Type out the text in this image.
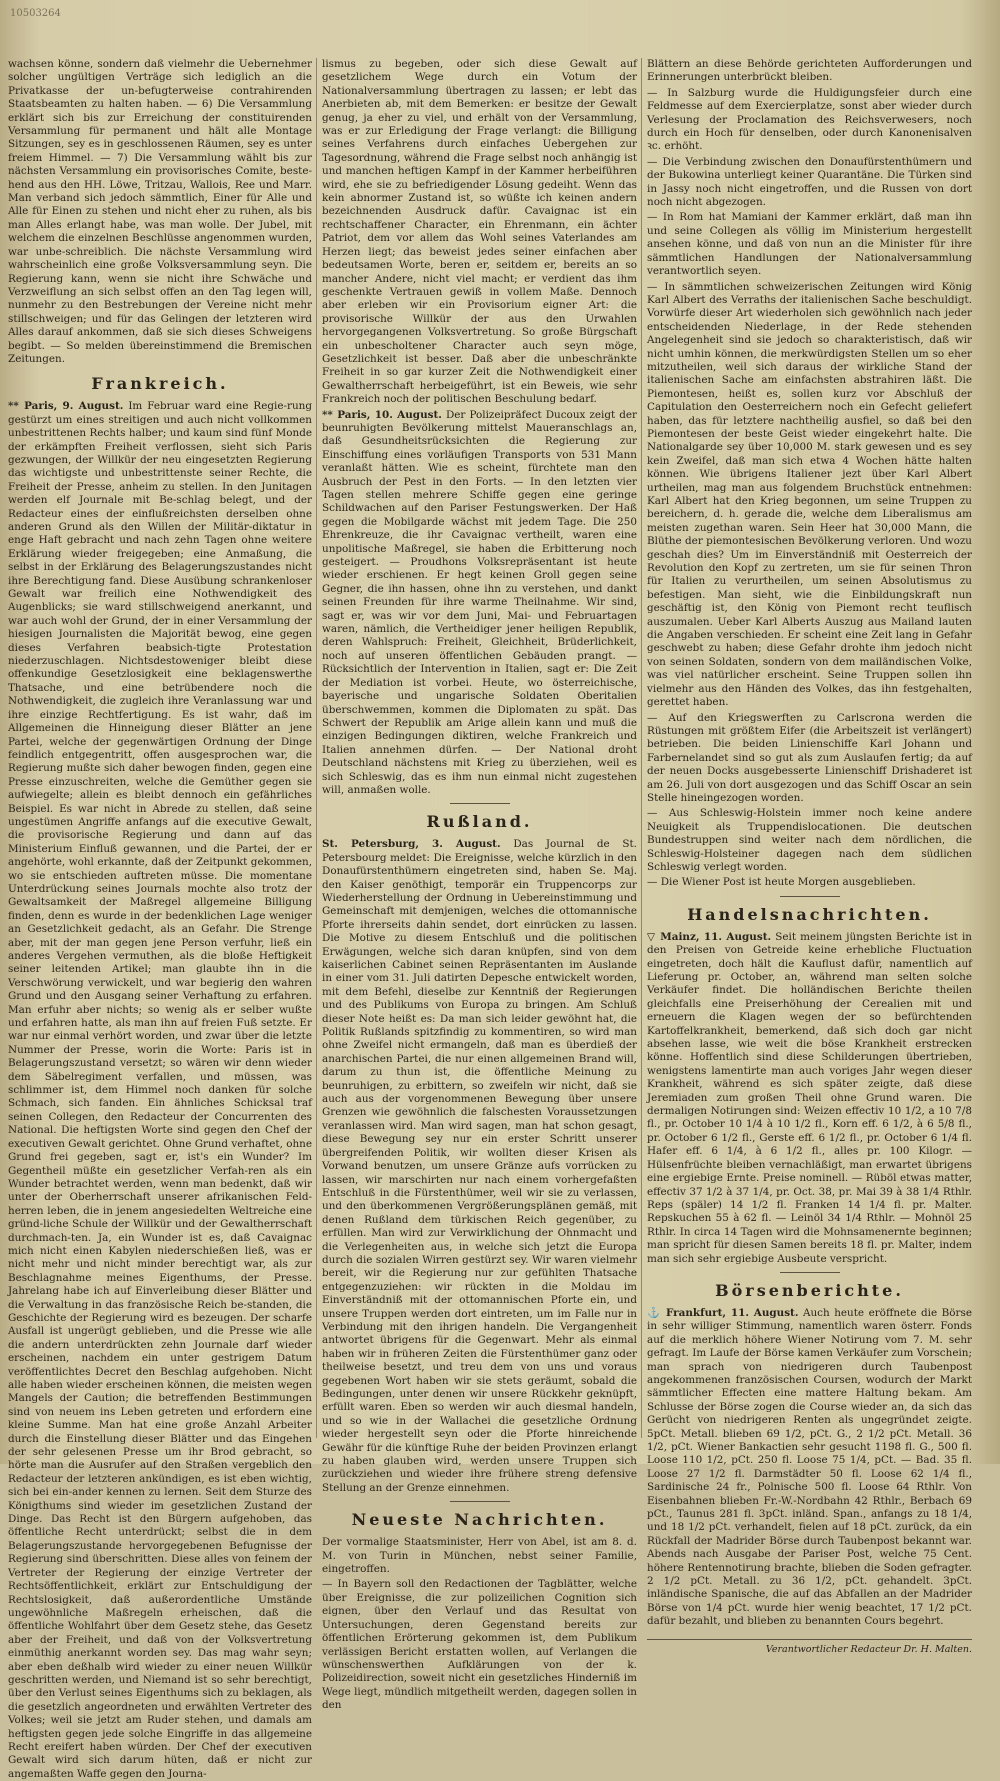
10503264

wachsen könne, sondern daß vielmehr die Uebernehmer solcher ungültigen Verträge sich lediglich an die Privatkasse der un-befugterweise contrahirenden Staatsbeamten zu halten haben. — 6) Die Versammlung erklärt sich bis zur Erreichung der constituirenden Versammlung für permanent und hält alle Montage Sitzungen, sey es in geschlossenen Räumen, sey es unter freiem Himmel. — 7) Die Versammlung wählt bis zur nächsten Versammlung ein provisorisches Comite, beste-hend aus den HH. Löwe, Tritzau, Wallois, Ree und Marr. Man verband sich jedoch sämmtlich, Einer für Alle und Alle für Einen zu stehen und nicht eher zu ruhen, als bis man Alles erlangt habe, was man wolle. Der Jubel, mit welchem die einzelnen Beschlüsse angenommen wurden, war unbe-schreiblich. Die nächste Versammlung wird wahrscheinlich eine große Volksversammlung seyn. Die Regierung kann, wenn sie nicht ihre Schwäche und Verzweiflung an sich selbst offen an den Tag legen will, nunmehr zu den Bestrebungen der Vereine nicht mehr stillschweigen; und für das Gelingen der letzteren wird Alles darauf ankommen, daß sie sich dieses Schweigens begibt. — So melden übereinstimmend die Bremischen Zeitungen.

Frankreich.

** Paris, 9. August. Im Februar ward eine Regie-rung gestürzt um eines streitigen und auch nicht vollkommen unbestrittenen Rechts halber; und kaum sind fünf Monde der erkämpften Freiheit verflossen, sieht sich Paris gezwungen, der Willkür der neu eingesetzten Regierung das wichtigste und unbestrittenste seiner Rechte, die Freiheit der Presse, anheim zu stellen. In den Junitagen werden elf Journale mit Be-schlag belegt, und der Redacteur eines der einflußreichsten derselben ohne anderen Grund als den Willen der Militär-diktatur in enge Haft gebracht und nach zehn Tagen ohne weitere Erklärung wieder freigegeben; eine Anmaßung, die selbst in der Erklärung des Belagerungszustandes nicht ihre Berechtigung fand. Diese Ausübung schrankenloser Gewalt war freilich eine Nothwendigkeit des Augenblicks; sie ward stillschweigend anerkannt, und war auch wohl der Grund, der in einer Versammlung der hiesigen Journalisten die Majorität bewog, eine gegen dieses Verfahren beabsich-tigte Protestation niederzuschlagen. Nichtsdestoweniger bleibt diese offenkundige Gesetzlosigkeit eine beklagenswerthe Thatsache, und eine betrübendere noch die Nothwendigkeit, die zugleich ihre Veranlassung war und ihre einzige Rechtfertigung. Es ist wahr, daß im Allgemeinen die Hinneigung dieser Blätter an jene Partei, welche der gegenwärtigen Ordnung der Dinge feindlich entgegentritt, offen ausgesprochen war, die Regierung mußte sich daher bewogen finden, gegen eine Presse einzuschreiten, welche die Gemüther gegen sie aufwiegelte; allein es bleibt dennoch ein gefährliches Beispiel. Es war nicht in Abrede zu stellen, daß seine ungestümen Angriffe anfangs auf die executive Gewalt, die provisorische Regierung und dann auf das Ministerium Einfluß gewannen, und die Partei, der er angehörte, wohl erkannte, daß der Zeitpunkt gekommen, wo sie entschieden auftreten müsse. Die momentane Unterdrückung seines Journals mochte also trotz der Gewaltsamkeit der Maßregel allgemeine Billigung finden, denn es wurde in der bedenklichen Lage weniger an Gesetzlichkeit gedacht, als an Gefahr. Die Strenge aber, mit der man gegen jene Person verfuhr, ließ ein anderes Vergehen vermuthen, als die bloße Heftigkeit seiner leitenden Artikel; man glaubte ihn in die Verschwörung verwickelt, und war begierig den wahren Grund und den Ausgang seiner Verhaftung zu erfahren. Man erfuhr aber nichts; so wenig als er selber wußte und erfahren hatte, als man ihn auf freien Fuß setzte. Er war nur einmal verhört worden, und zwar über die letzte Nummer der Presse, worin die Worte: Paris ist in Belagerungszustand versetzt; so wären wir denn wieder dem Säbelregiment verfallen, und müssen, was schlimmer ist, dem Himmel noch danken für solche Schmach, sich fanden. Ein ähnliches Schicksal traf seinen Collegen, den Redacteur der Concurrenten des National. Die heftigsten Worte sind gegen den Chef der executiven Gewalt gerichtet. Ohne Grund verhaftet, ohne Grund frei gegeben, sagt er, ist's ein Wunder? Im Gegentheil müßte ein gesetzlicher Verfah-ren als ein Wunder betrachtet werden, wenn man bedenkt, daß wir unter der Oberherrschaft unserer afrikanischen Feld-herren leben, die in jenem angesiedelten Weltreiche eine gründ-liche Schule der Willkür und der Gewaltherrschaft durchmach-ten. Ja, ein Wunder ist es, daß Cavaignac mich nicht einen Kabylen niederschießen ließ, was er nicht mehr und nicht minder berechtigt war, als zur Beschlagnahme meines Eigenthums, der Presse. Jahrelang habe ich auf Einverleibung dieser Blätter und die Verwaltung in das französische Reich be-standen, die Geschichte der Regierung wird es bezeugen. Der scharfe Ausfall ist ungerügt geblieben, und die Presse wie alle die andern unterdrückten zehn Journale darf wieder erscheinen, nachdem ein unter gestrigem Datum veröffentlichtes Decret den Beschlag aufgehoben. Nicht alle haben wieder erscheinen können, die meisten wegen Mangels der Caution; die betreffenden Bestimmungen sind von neuem ins Leben getreten und erfordern eine kleine Summe. Man hat eine große Anzahl Arbeiter durch die Einstellung dieser Blätter und das Eingehen der sehr gelesenen Presse um ihr Brod gebracht, so hörte man die Ausrufer auf den Straßen vergeblich den Redacteur der letzteren ankündigen, es ist eben wichtig, sich bei ein-ander kennen zu lernen. Seit dem Sturze des Königthums sind wieder im gesetzlichen Zustand der Dinge. Das Recht ist den Bürgern aufgehoben, das öffentliche Recht unterdrückt; selbst die in dem Belagerungszustande hervorgegebenen Befugnisse der Regierung sind überschritten. Diese alles von feinem der Vertreter der Regierung der einzige Vertreter der Rechtsöffentlichkeit, erklärt zur Entschuldigung der Rechtslosigkeit, daß außerordentliche Umstände ungewöhnliche Maßregeln erheischen, daß die öffentliche Wohlfahrt über dem Gesetz stehe, das Gesetz aber der Freiheit, und daß von der Volksvertretung einmüthig anerkannt worden sey. Das mag wahr seyn; aber eben deßhalb wird wieder zu einer neuen Willkür geschritten werden, und Niemand ist so sehr berechtigt, über den Verlust seines Eigenthums sich zu beklagen, als die gesetzlich angeordneten und erwählten Vertreter des Volkes; weil sie jetzt am Ruder stehen, und damals am heftigsten gegen jede solche Eingriffe in das allgemeine Recht ereifert haben würden. Der Chef der executiven Gewalt wird sich darum hüten, daß er nicht zur angemaßten Waffe gegen den Journa-

lismus zu begeben, oder sich diese Gewalt auf gesetzlichem Wege durch ein Votum der Nationalversammlung übertragen zu lassen; er lebt das Anerbieten ab, mit dem Bemerken: er besitze der Gewalt genug, ja eher zu viel, und erhält von der Versammlung, was er zur Erledigung der Frage verlangt: die Billigung seines Verfahrens durch einfaches Uebergehen zur Tagesordnung, während die Frage selbst noch anhängig ist und manchen heftigen Kampf in der Kammer herbeiführen wird, ehe sie zu befriedigender Lösung gedeiht. Wenn das kein abnormer Zustand ist, so wüßte ich keinen andern bezeichnenden Ausdruck dafür. Cavaignac ist ein rechtschaffener Character, ein Ehrenmann, ein ächter Patriot, dem vor allem das Wohl seines Vaterlandes am Herzen liegt; das beweist jedes seiner einfachen aber bedeutsamen Worte, beren er, seitdem er, bereits an so mancher Andere, nicht viel macht; er verdient das ihm geschenkte Vertrauen gewiß in vollem Maße. Dennoch aber erleben wir ein Provisorium eigner Art: die provisorische Willkür der aus den Urwahlen hervorgegangenen Volksvertretung. So große Bürgschaft ein unbescholtener Character auch seyn möge, Gesetzlichkeit ist besser. Daß aber die unbeschränkte Freiheit in so gar kurzer Zeit die Nothwendigkeit einer Gewaltherrschaft herbeigeführt, ist ein Beweis, wie sehr Frankreich noch der politischen Beschulung bedarf.

** Paris, 10. August. Der Polizeipräfect Ducoux zeigt der beunruhigten Bevölkerung mittelst Maueranschlags an, daß Gesundheitsrücksichten die Regierung zur Einschiffung eines vorläufigen Transports von 531 Mann veranlaßt hätten. Wie es scheint, fürchtete man den Ausbruch der Pest in den Forts. — In den letzten vier Tagen stellen mehrere Schiffe gegen eine geringe Schildwachen auf den Pariser Festungswerken. Der Haß gegen die Mobilgarde wächst mit jedem Tage. Die 250 Ehrenkreuze, die ihr Cavaignac vertheilt, waren eine unpolitische Maßregel, sie haben die Erbitterung noch gesteigert. — Proudhons Volksrepräsentant ist heute wieder erschienen. Er hegt keinen Groll gegen seine Gegner, die ihn hassen, ohne ihn zu verstehen, und dankt seinen Freunden für ihre warme Theilnahme. Wir sind, sagt er, was wir vor dem Juni, Mai- und Februartagen waren, nämlich, die Vertheidiger jener heiligen Republik, deren Wahlspruch: Freiheit, Gleichheit, Brüderlichkeit, noch auf unseren öffentlichen Gebäuden prangt. — Rücksichtlich der Intervention in Italien, sagt er: Die Zeit der Mediation ist vorbei. Heute, wo österreichische, bayerische und ungarische Soldaten Oberitalien überschwemmen, kommen die Diplomaten zu spät. Das Schwert der Republik am Arige allein kann und muß die einzigen Bedingungen diktiren, welche Frankreich und Italien annehmen dürfen. — Der National droht Deutschland nächstens mit Krieg zu überziehen, weil es sich Schleswig, das es ihm nun einmal nicht zugestehen will, anmaßen wolle.

Rußland.

St. Petersburg, 3. August. Das Journal de St. Petersbourg meldet: Die Ereignisse, welche kürzlich in den Donaufürstenthümern eingetreten sind, haben Se. Maj. den Kaiser genöthigt, temporär ein Truppencorps zur Wiederherstellung der Ordnung in Uebereinstimmung und Gemeinschaft mit demjenigen, welches die ottomannische Pforte ihrerseits dahin sendet, dort einrücken zu lassen. Die Motive zu diesem Entschluß und die politischen Erwägungen, welche sich daran knüpfen, sind von dem kaiserlichen Cabinet seinen Repräsentanten im Auslande in einer vom 31. Juli datirten Depesche entwickelt worden, mit dem Befehl, dieselbe zur Kenntniß der Regierungen und des Publikums von Europa zu bringen. Am Schluß dieser Note heißt es: Da man sich leider gewöhnt hat, die Politik Rußlands spitzfindig zu kommentiren, so wird man ohne Zweifel nicht ermangeln, daß man es überdieß der anarchischen Partei, die nur einen allgemeinen Brand will, darum zu thun ist, die öffentliche Meinung zu beunruhigen, zu erbittern, so zweifeln wir nicht, daß sie auch aus der vorgenommenen Bewegung über unsere Grenzen wie gewöhnlich die falschesten Voraussetzungen veranlassen wird. Man wird sagen, man hat schon gesagt, diese Bewegung sey nur ein erster Schritt unserer übergreifenden Politik, wir wollten dieser Krisen als Vorwand benutzen, um unsere Gränze aufs vorrücken zu lassen, wir marschirten nur nach einem vorhergefaßten Entschluß in die Fürstenthümer, weil wir sie zu verlassen, und den überkommenen Vergrößerungsplänen gemäß, mit denen Rußland dem türkischen Reich gegenüber, zu erfüllen. Man wird zur Verwirklichung der Ohnmacht und die Verlegenheiten aus, in welche sich jetzt die Europa durch die sozialen Wirren gestürzt sey. Wir waren vielmehr bereit, wir die Regierung nur zur gefühlten Thatsache entgegenzuziehen: wir rückten in die Moldau im Einverständniß mit der ottomannischen Pforte ein, und unsere Truppen werden dort eintreten, um im Falle nur in Verbindung mit den ihrigen handeln. Die Vergangenheit antwortet übrigens für die Gegenwart. Mehr als einmal haben wir in früheren Zeiten die Fürstenthümer ganz oder theilweise besetzt, und treu dem von uns und voraus gegebenen Wort haben wir sie stets geräumt, sobald die Bedingungen, unter denen wir unsere Rückkehr geknüpft, erfüllt waren. Eben so werden wir auch diesmal handeln, und so wie in der Wallachei die gesetzliche Ordnung wieder hergestellt seyn oder die Pforte hinreichende Gewähr für die künftige Ruhe der beiden Provinzen erlangt zu haben glauben wird, werden unsere Truppen sich zurückziehen und wieder ihre frühere streng defensive Stellung an der Grenze einnehmen.

Neueste Nachrichten.

Der vormalige Staatsminister, Herr von Abel, ist am 8. d. M. von Turin in München, nebst seiner Familie, eingetroffen.

— In Bayern soll den Redactionen der Tagblätter, welche über Ereignisse, die zur polizeilichen Cognition sich eignen, über den Verlauf und das Resultat von Untersuchungen, deren Gegenstand bereits zur öffentlichen Erörterung gekommen ist, dem Publikum verlässigen Bericht erstatten wollen, auf Verlangen die wünschenswerthen Aufklärungen von der k. Polizeidirection, soweit nicht ein gesetzliches Hinderniß im Wege liegt, mündlich mitgetheilt werden, dagegen sollen in den

Blättern an diese Behörde gerichteten Aufforderungen und Erinnerungen unterbrückt bleiben.

— In Salzburg wurde die Huldigungsfeier durch eine Feldmesse auf dem Exercierplatze, sonst aber wieder durch Verlesung der Proclamation des Reichsverwesers, noch durch ein Hoch für denselben, oder durch Kanonenisalven ꝛc. erhöht.

— Die Verbindung zwischen den Donaufürstenthümern und der Bukowina unterliegt keiner Quarantäne. Die Türken sind in Jassy noch nicht eingetroffen, und die Russen von dort noch nicht abgezogen.

— In Rom hat Mamiani der Kammer erklärt, daß man ihn und seine Collegen als völlig im Ministerium hergestellt ansehen könne, und daß von nun an die Minister für ihre sämmtlichen Handlungen der Nationalversammlung verantwortlich seyen.

— In sämmtlichen schweizerischen Zeitungen wird König Karl Albert des Verraths der italienischen Sache beschuldigt. Vorwürfe dieser Art wiederholen sich gewöhnlich nach jeder entscheidenden Niederlage, in der Rede stehenden Angelegenheit sind sie jedoch so charakteristisch, daß wir nicht umhin können, die merkwürdigsten Stellen um so eher mitzutheilen, weil sich daraus der wirkliche Stand der italienischen Sache am einfachsten abstrahiren läßt. Die Piemontesen, heißt es, sollen kurz vor Abschluß der Capitulation den Oesterreichern noch ein Gefecht geliefert haben, das für letztere nachtheilig ausfiel, so daß bei den Piemontesen der beste Geist wieder eingekehrt halte. Die Nationalgarde sey über 10,000 M. stark gewesen und es sey kein Zweifel, daß man sich etwa 4 Wochen hätte halten können. Wie übrigens Italiener jezt über Karl Albert urtheilen, mag man aus folgendem Bruchstück entnehmen: Karl Albert hat den Krieg begonnen, um seine Truppen zu bereichern, d. h. gerade die, welche dem Liberalismus am meisten zugethan waren. Sein Heer hat 30,000 Mann, die Blüthe der piemontesischen Bevölkerung verloren. Und wozu geschah dies? Um im Einverständniß mit Oesterreich der Revolution den Kopf zu zertreten, um sie für seinen Thron für Italien zu verurtheilen, um seinen Absolutismus zu befestigen. Man sieht, wie die Einbildungskraft nun geschäftig ist, den König von Piemont recht teuflisch auszumalen. Ueber Karl Alberts Auszug aus Mailand lauten die Angaben verschieden. Er scheint eine Zeit lang in Gefahr geschwebt zu haben; diese Gefahr drohte ihm jedoch nicht von seinen Soldaten, sondern von dem mailändischen Volke, was viel natürlicher erscheint. Seine Truppen sollen ihn vielmehr aus den Händen des Volkes, das ihn festgehalten, gerettet haben.

— Auf den Kriegswerften zu Carlscrona werden die Rüstungen mit größtem Eifer (die Arbeitszeit ist verlängert) betrieben. Die beiden Linienschiffe Karl Johann und Farbernelandet sind so gut als zum Auslaufen fertig; da auf der neuen Docks ausgebesserte Linienschiff Drishaderet ist am 26. Juli von dort ausgezogen und das Schiff Oscar an sein Stelle hineingezogen worden.

— Aus Schleswig-Holstein immer noch keine andere Neuigkeit als Truppendislocationen. Die deutschen Bundestruppen sind weiter nach dem nördlichen, die Schleswig-Holsteiner dagegen nach dem südlichen Schleswig verlegt worden.

— Die Wiener Post ist heute Morgen ausgeblieben.

Handelsnachrichten.

▽ Mainz, 11. August. Seit meinem jüngsten Berichte ist in den Preisen von Getreide keine erhebliche Fluctuation eingetreten, doch hält die Kauflust dafür, namentlich auf Lieferung pr. October, an, während man selten solche Verkäufer findet. Die holländischen Berichte theilen gleichfalls eine Preiserhöhung der Cerealien mit und erneuern die Klagen wegen der so befürchtenden Kartoffelkrankheit, bemerkend, daß sich doch gar nicht absehen lasse, wie weit die böse Krankheit erstrecken könne. Hoffentlich sind diese Schilderungen übertrieben, wenigstens lamentirte man auch voriges Jahr wegen dieser Krankheit, während es sich später zeigte, daß diese Jeremiaden zum großen Theil ohne Grund waren. Die dermaligen Notirungen sind: Weizen effectiv 10 1/2, a 10 7/8 fl., pr. October 10 1/4 à 10 1/2 fl., Korn eff. 6 1/2, à 6 5/8 fl., pr. October 6 1/2 fl., Gerste eff. 6 1/2 fl., pr. October 6 1/4 fl. Hafer eff. 6 1/4, à 6 1/2 fl., alles pr. 100 Kilogr. — Hülsenfrüchte bleiben vernachläßigt, man erwartet übrigens eine ergiebige Ernte. Preise nominell. — Rüböl etwas matter, effectiv 37 1/2 à 37 1/4, pr. Oct. 38, pr. Mai 39 à 38 1/4 Rthlr. Reps (späler) 14 1/2 fl. Franken 14 1/4 fl. pr. Malter. Repskuchen 55 à 62 fl. — Leinöl 34 1/4 Rthlr. — Mohnöl 25 Rthlr. In circa 14 Tagen wird die Mohnsamenernte beginnen; man spricht für diesen Samen bereits 18 fl. pr. Malter, indem man sich sehr ergiebige Ausbeute verspricht.

Börsenberichte.

⚓ Frankfurt, 11. August. Auch heute eröffnete die Börse in sehr williger Stimmung, namentlich waren österr. Fonds auf die merklich höhere Wiener Notirung vom 7. M. sehr gefragt. Im Laufe der Börse kamen Verkäufer zum Vorschein; man sprach von niedrigeren durch Taubenpost angekommenen französischen Coursen, wodurch der Markt sämmtlicher Effecten eine mattere Haltung bekam. Am Schlusse der Börse zogen die Course wieder an, da sich das Gerücht von niedrigeren Renten als ungegründet zeigte. 5pCt. Metall. blieben 69 1/2, pCt. G., 2 1/2 pCt. Metall. 36 1/2, pCt. Wiener Bankactien sehr gesucht 1198 fl. G., 500 fl. Loose 110 1/2, pCt. 250 fl. Loose 75 1/4, pCt. — Bad. 35 fl. Loose 27 1/2 fl. Darmstädter 50 fl. Loose 62 1/4 fl., Sardinische 24 fr., Polnische 500 fl. Loose 64 Rthlr. Von Eisenbahnen blieben Fr.-W.-Nordbahn 42 Rthlr., Berbach 69 pCt., Taunus 281 fl. 3pCt. inländ. Span., anfangs zu 18 1/4, und 18 1/2 pCt. verhandelt, fielen auf 18 pCt. zurück, da ein Rückfall der Madrider Börse durch Taubenpost bekannt war. Abends nach Ausgabe der Pariser Post, welche 75 Cent. höhere Rentennotirung brachte, blieben die Soden gefragter. 2 1/2 pCt. Metall. zu 36 1/2, pCt. gehandelt. 3pCt. inländische Spanische, die auf das Abfallen an der Madrider Börse von 1/4 pCt. wurde hier wenig beachtet, 17 1/2 pCt. dafür bezahlt, und blieben zu benannten Cours begehrt.

Verantwortlicher Redacteur Dr. H. Malten.
